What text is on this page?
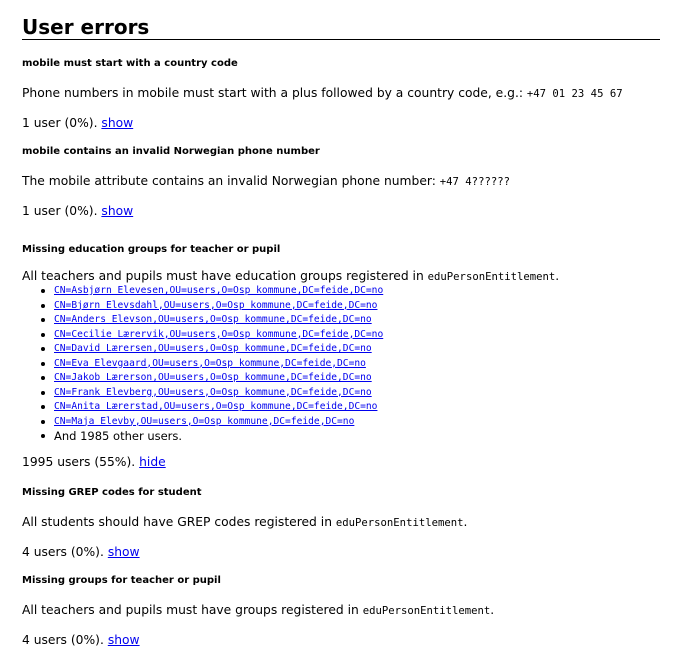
User errors
mobile must start with a country code

Phone numbers in mobile must start with a plus followed by a country code, e.g.: +47 01 23 45 67

1 user (0%). show

mobile contains an invalid Norwegian phone number

The mobile attribute contains an invalid Norwegian phone number: +47 4??????

1 user (0%). show

Missing education groups for teacher or pupil

All teachers and pupils must have education groups registered in eduPersonEntitlement.

CN=Asbjørn Elevesen,OU=users,O=Osp kommune,DC=feide,DC=no
CN=Bjørn Elevsdahl,OU=users,O=Osp kommune,DC=feide,DC=no
CN=Anders Elevson,OU=users,O=Osp kommune,DC=feide,DC=no
CN=Cecilie Lærervik,OU=users,O=Osp kommune,DC=feide,DC=no
CN=David Lærersen,OU=users,O=Osp kommune,DC=feide,DC=no
CN=Eva Elevgaard,OU=users,O=Osp kommune,DC=feide,DC=no
CN=Jakob Lærerson,OU=users,O=Osp kommune,DC=feide,DC=no
CN=Frank Elevberg,OU=users,O=Osp kommune,DC=feide,DC=no
CN=Anita Lærerstad,OU=users,O=Osp kommune,DC=feide,DC=no
CN=Maja Elevby,OU=users,O=Osp kommune,DC=feide,DC=no
And 1985 other users.

1995 users (55%). hide

Missing GREP codes for student

All students should have GREP codes registered in eduPersonEntitlement.

4 users (0%). show

Missing groups for teacher or pupil

All teachers and pupils must have groups registered in eduPersonEntitlement.

4 users (0%). show
